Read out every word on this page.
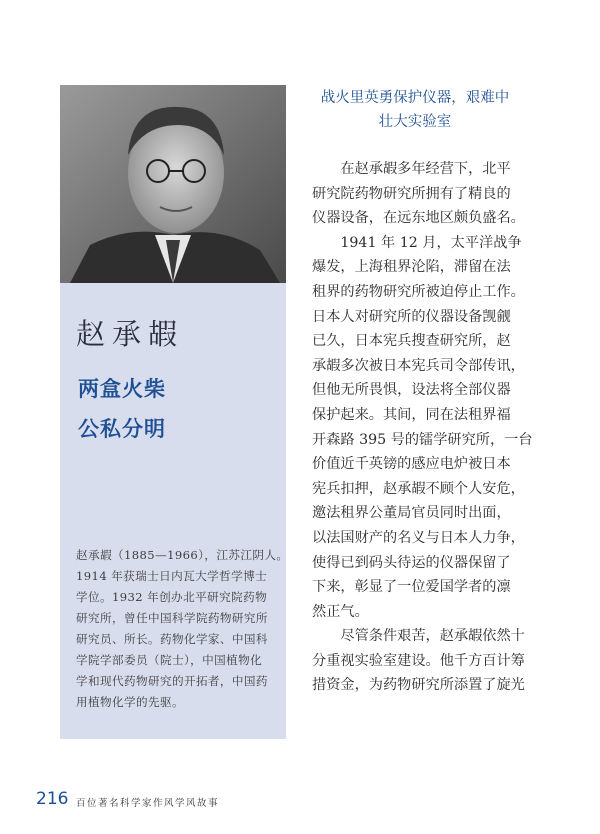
赵承嘏
两盒火柴
公私分明
赵承嘏（1885—1966），江苏江阴人。
1914 年获瑞士日内瓦大学哲学博士
学位。1932 年创办北平研究院药物
研究所，曾任中国科学院药物研究所
研究员、所长。药物化学家、中国科
学院学部委员（院士），中国植物化
学和现代药物研究的开拓者，中国药
用植物化学的先驱。
战火里英勇保护仪器，艰难中
壮大实验室
　　在赵承嘏多年经营下，北平
研究院药物研究所拥有了精良的
仪器设备，在远东地区颇负盛名。
　　1941 年 12 月，太平洋战争
爆发，上海租界沦陷，滞留在法
租界的药物研究所被迫停止工作。
日本人对研究所的仪器设备觊觎
已久，日本宪兵搜查研究所，赵
承嘏多次被日本宪兵司令部传讯，
但他无所畏惧，设法将全部仪器
保护起来。其间，同在法租界福
开森路 395 号的镭学研究所，一台
价值近千英镑的感应电炉被日本
宪兵扣押，赵承嘏不顾个人安危，
邀法租界公董局官员同时出面，
以法国财产的名义与日本人力争，
使得已到码头待运的仪器保留了
下来，彰显了一位爱国学者的凛
然正气。
　　尽管条件艰苦，赵承嘏依然十
分重视实验室建设。他千方百计筹
措资金，为药物研究所添置了旋光
216 百位著名科学家作风学风故事
